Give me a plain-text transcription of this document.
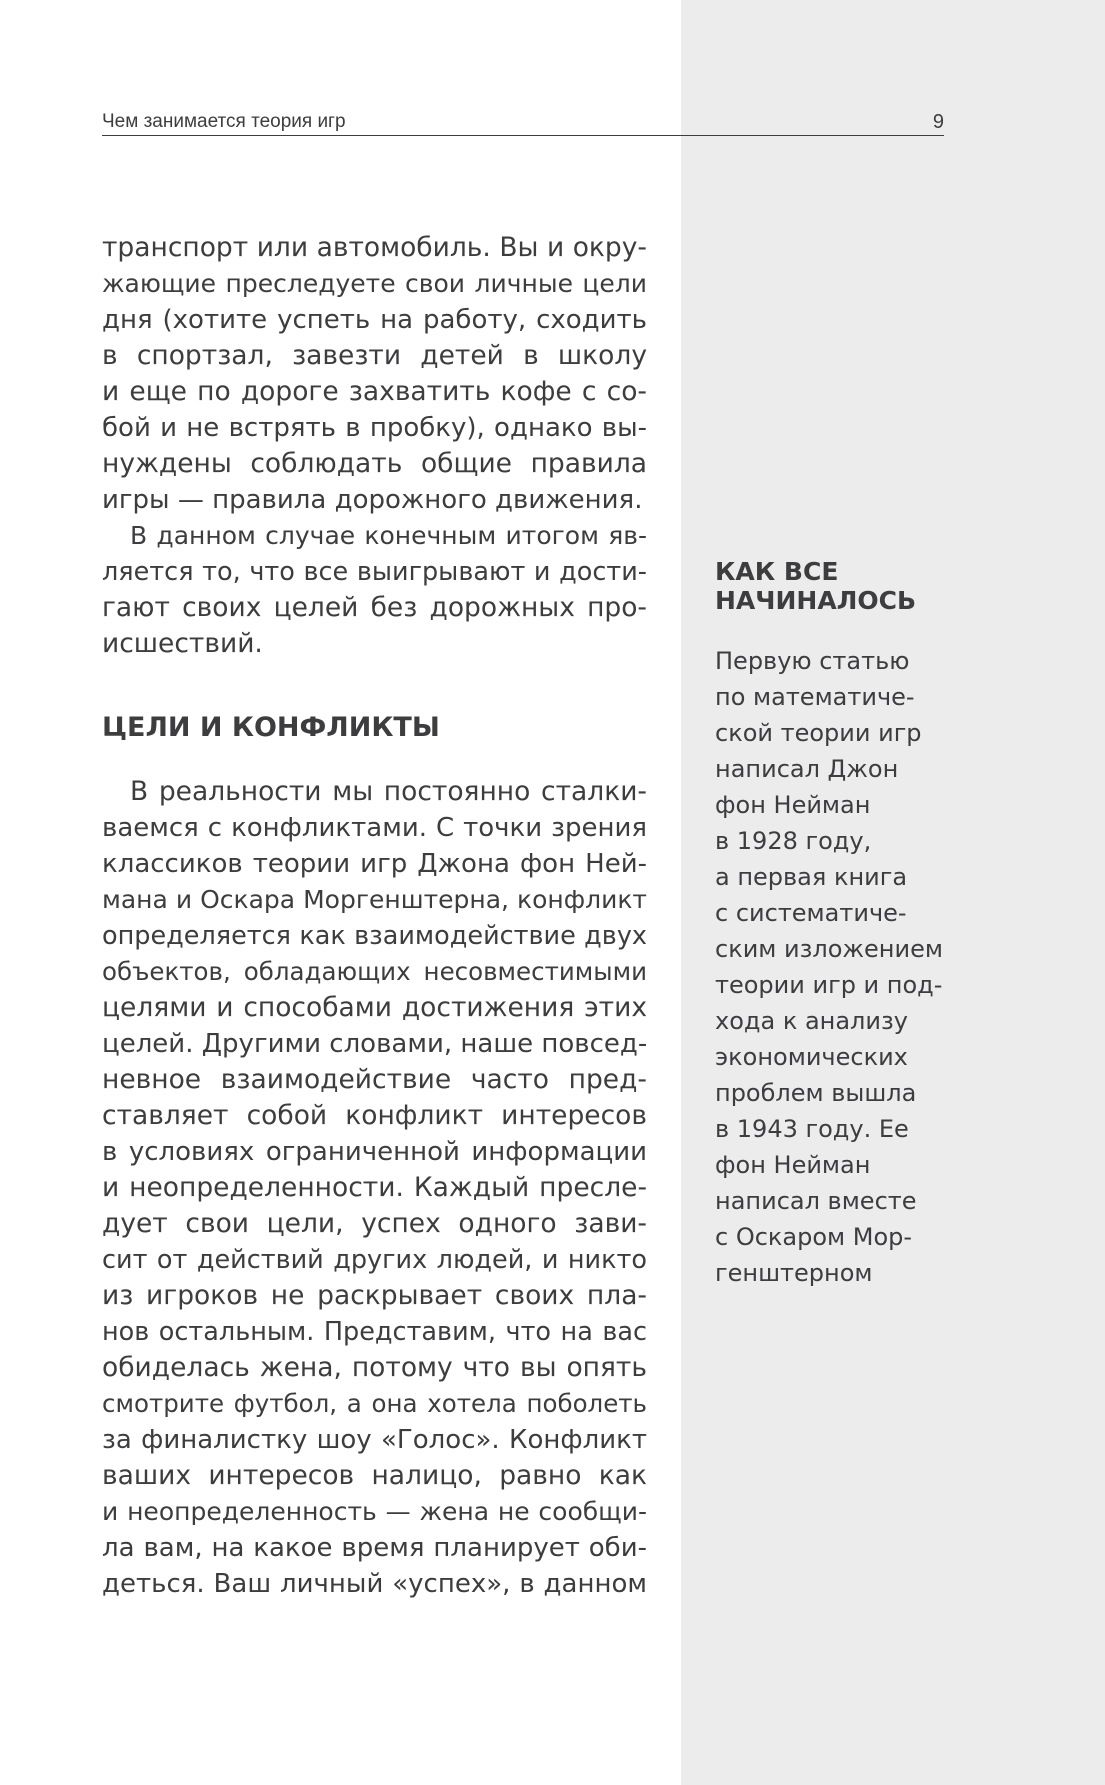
Чем занимается теория игр	9
транспорт или автомобиль. Вы и окру-
жающие преследуете свои личные цели
дня (хотите успеть на работу, сходить
в спортзал, завезти детей в школу
и еще по дороге захватить кофе с со-
бой и не встрять в пробку), однако вы-
нуждены соблюдать общие правила
игры — правила дорожного движения.
В данном случае конечным итогом яв-
ляется то, что все выигрывают и дости-
гают своих целей без дорожных про-
исшествий.
ЦЕЛИ И КОНФЛИКТЫ
В реальности мы постоянно сталки-
ваемся с конфликтами. С точки зрения
классиков теории игр Джона фон Ней-
мана и Оскара Моргенштерна, конфликт
определяется как взаимодействие двух
объектов, обладающих несовместимыми
целями и способами достижения этих
целей. Другими словами, наше повсед-
невное взаимодействие часто пред-
ставляет собой конфликт интересов
в условиях ограниченной информации
и неопределенности. Каждый пресле-
дует свои цели, успех одного зави-
сит от действий других людей, и никто
из игроков не раскрывает своих пла-
нов остальным. Представим, что на вас
обиделась жена, потому что вы опять
смотрите футбол, а она хотела поболеть
за финалистку шоу «Голос». Конфликт
ваших интересов налицо, равно как
и неопределенность — жена не сообщи-
ла вам, на какое время планирует оби-
деться. Ваш личный «успех», в данном
КАК ВСЕ
НАЧИНАЛОСЬ
Первую статью
по математиче-
ской теории игр
написал Джон
фон Нейман
в 1928 году,
а первая книга
с систематиче-
ским изложением
теории игр и под-
хода к анализу
экономических
проблем вышла
в 1943 году. Ее
фон Нейман
написал вместе
с Оскаром Мор-
генштерном
